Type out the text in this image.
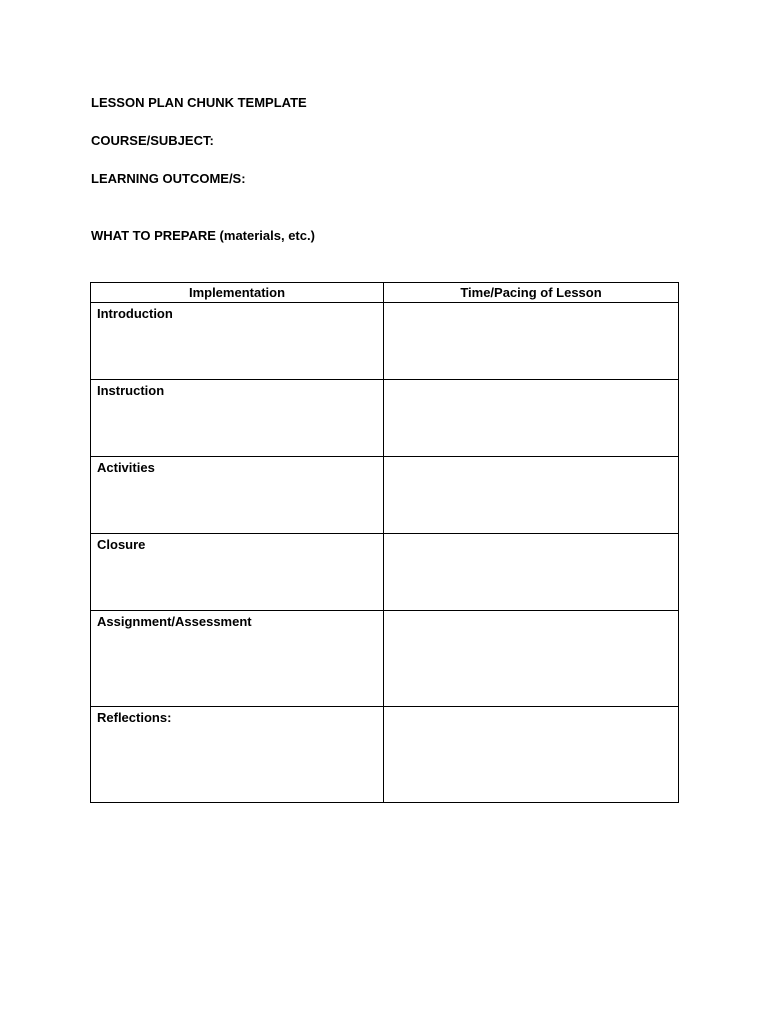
LESSON PLAN CHUNK TEMPLATE
COURSE/SUBJECT:
LEARNING OUTCOME/S:
WHAT TO PREPARE (materials, etc.)
Implementation	Time/Pacing of Lesson
Introduction	
Instruction	
Activities	
Closure	
Assignment/Assessment	
Reflections:	
